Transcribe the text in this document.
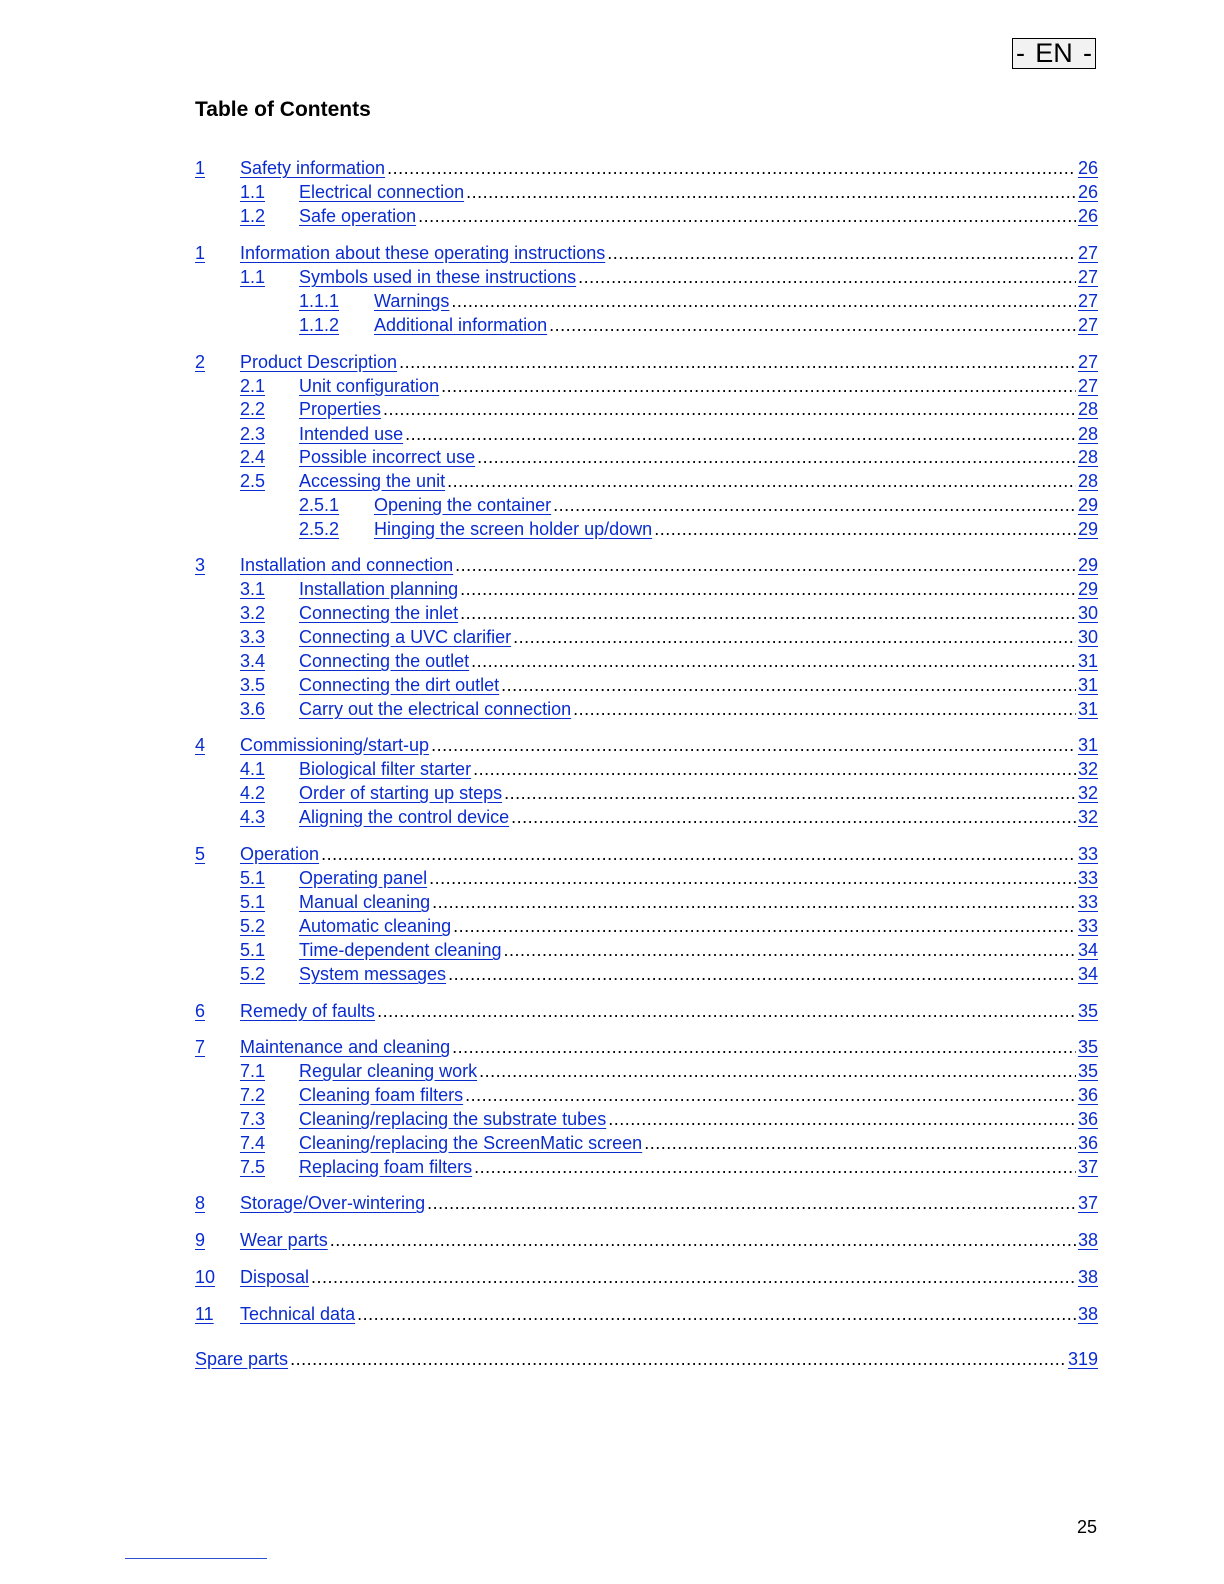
- EN -
Table of Contents
1 Safety information .....	26
1.1 Electrical connection .....	26
1.2 Safe operation .....	26
1 Information about these operating instructions .....	27
1.1 Symbols used in these instructions .....	27
1.1.1 Warnings .....	27
1.1.2 Additional information .....	27
2 Product Description .....	27
2.1 Unit configuration .....	27
2.2 Properties .....	28
2.3 Intended use .....	28
2.4 Possible incorrect use .....	28
2.5 Accessing the unit .....	28
2.5.1 Opening the container .....	29
2.5.2 Hinging the screen holder up/down .....	29
3 Installation and connection .....	29
3.1 Installation planning .....	29
3.2 Connecting the inlet .....	30
3.3 Connecting a UVC clarifier .....	30
3.4 Connecting the outlet .....	31
3.5 Connecting the dirt outlet .....	31
3.6 Carry out the electrical connection .....	31
4 Commissioning/start-up .....	31
4.1 Biological filter starter .....	32
4.2 Order of starting up steps .....	32
4.3 Aligning the control device .....	32
5 Operation .....	33
5.1 Operating panel .....	33
5.1 Manual cleaning .....	33
5.2 Automatic cleaning .....	33
5.1 Time-dependent cleaning .....	34
5.2 System messages .....	34
6 Remedy of faults .....	35
7 Maintenance and cleaning .....	35
7.1 Regular cleaning work .....	35
7.2 Cleaning foam filters .....	36
7.3 Cleaning/replacing the substrate tubes .....	36
7.4 Cleaning/replacing the ScreenMatic screen .....	36
7.5 Replacing foam filters .....	37
8 Storage/Over-wintering .....	37
9 Wear parts .....	38
10 Disposal .....	38
11 Technical data .....	38
Spare parts .....	319
25
